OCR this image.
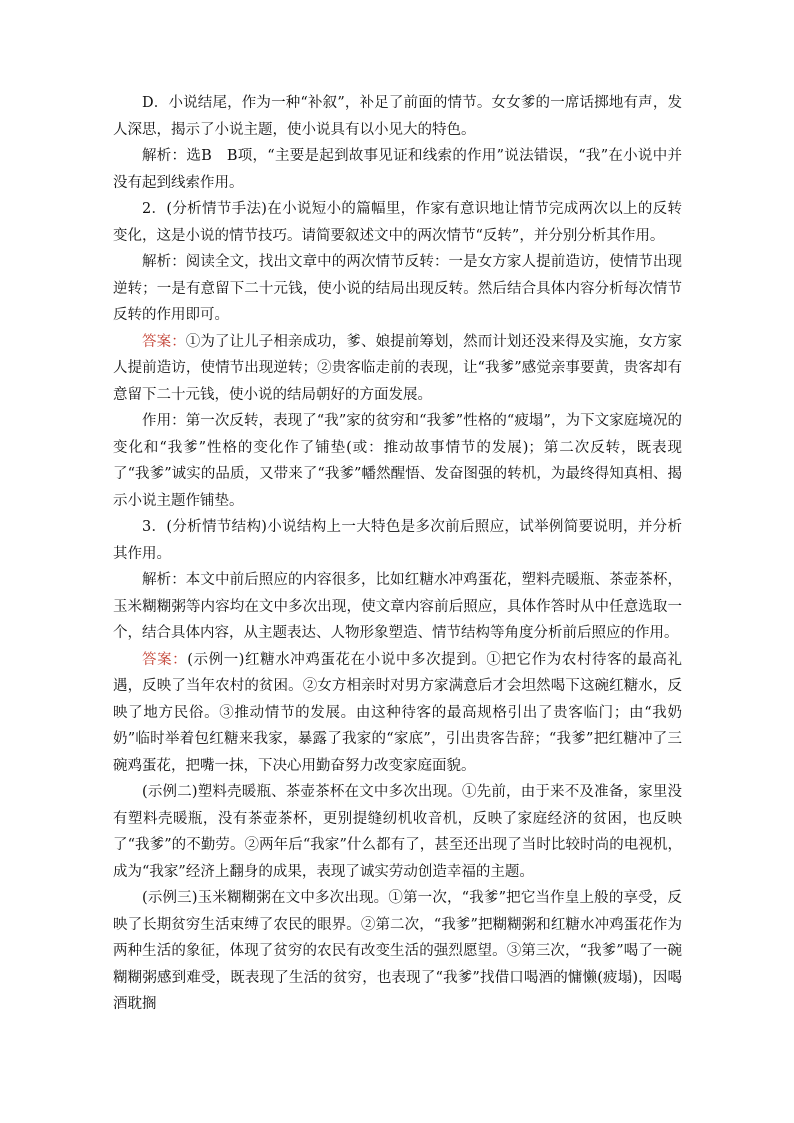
D．小说结尾，作为一种“补叙”，补足了前面的情节。女女爹的一席话掷地有声，发人深思，揭示了小说主题，使小说具有以小见大的特色。

解析：选B　B项，“主要是起到故事见证和线索的作用”说法错误，“我”在小说中并没有起到线索作用。

2．(分析情节手法)在小说短小的篇幅里，作家有意识地让情节完成两次以上的反转变化，这是小说的情节技巧。请简要叙述文中的两次情节“反转”，并分别分析其作用。

解析：阅读全文，找出文章中的两次情节反转：一是女方家人提前造访，使情节出现逆转；一是有意留下二十元钱，使小说的结局出现反转。然后结合具体内容分析每次情节反转的作用即可。

答案：①为了让儿子相亲成功，爹、娘提前筹划，然而计划还没来得及实施，女方家人提前造访，使情节出现逆转；②贵客临走前的表现，让“我爹”感觉亲事要黄，贵客却有意留下二十元钱，使小说的结局朝好的方面发展。

作用：第一次反转，表现了“我”家的贫穷和“我爹”性格的“疲塌”，为下文家庭境况的变化和“我爹”性格的变化作了铺垫(或：推动故事情节的发展)；第二次反转，既表现了“我爹”诚实的品质，又带来了“我爹”幡然醒悟、发奋图强的转机，为最终得知真相、揭示小说主题作铺垫。

3．(分析情节结构)小说结构上一大特色是多次前后照应，试举例简要说明，并分析其作用。

解析：本文中前后照应的内容很多，比如红糖水冲鸡蛋花，塑料壳暖瓶、茶壶茶杯，玉米糊糊粥等内容均在文中多次出现，使文章内容前后照应，具体作答时从中任意选取一个，结合具体内容，从主题表达、人物形象塑造、情节结构等角度分析前后照应的作用。

答案：(示例一)红糖水冲鸡蛋花在小说中多次提到。①把它作为农村待客的最高礼遇，反映了当年农村的贫困。②女方相亲时对男方家满意后才会坦然喝下这碗红糖水，反映了地方民俗。③推动情节的发展。由这种待客的最高规格引出了贵客临门；由“我奶奶”临时举着包红糖来我家，暴露了我家的“家底”，引出贵客告辞；“我爹”把红糖冲了三碗鸡蛋花，把嘴一抹，下决心用勤奋努力改变家庭面貌。

(示例二)塑料壳暖瓶、茶壶茶杯在文中多次出现。①先前，由于来不及准备，家里没有塑料壳暖瓶，没有茶壶茶杯，更别提缝纫机收音机，反映了家庭经济的贫困，也反映了“我爹”的不勤劳。②两年后“我家”什么都有了，甚至还出现了当时比较时尚的电视机，成为“我家”经济上翻身的成果，表现了诚实劳动创造幸福的主题。

(示例三)玉米糊糊粥在文中多次出现。①第一次，“我爹”把它当作皇上般的享受，反映了长期贫穷生活束缚了农民的眼界。②第二次，“我爹”把糊糊粥和红糖水冲鸡蛋花作为两种生活的象征，体现了贫穷的农民有改变生活的强烈愿望。③第三次，“我爹”喝了一碗糊糊粥感到难受，既表现了生活的贫穷，也表现了“我爹”找借口喝酒的慵懒(疲塌)，因喝酒耽搁
